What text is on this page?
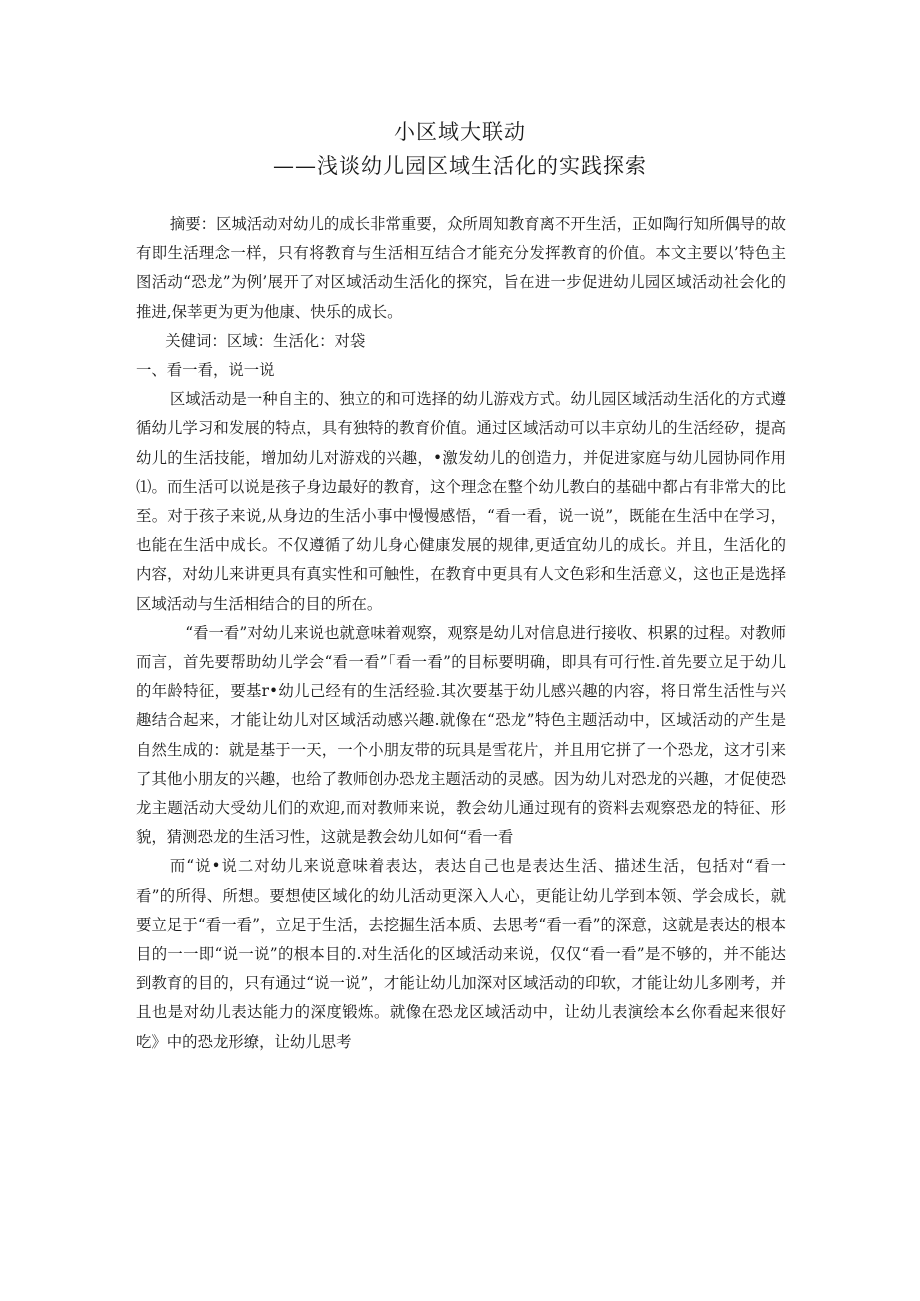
小区域大联动
——浅谈幼儿园区域生活化的实践探索

摘要：区城活动对幼儿的成长非常重要，众所周知教育离不开生活，正如陶行知所偶导的故有即生活理念一样，只有将教育与生活相互结合才能充分发挥教育的价值。本文主要以’特色主图活动“恐龙”为例’展开了对区域活动生活化的探究，旨在进一步促进幼儿园区域活动社会化的推进,保莘更为更为他康、快乐的成长。

关健词：区域：生活化：对袋

一、看一看，说一说

区域活动是一种自主的、独立的和可选择的幼儿游戏方式。幼儿园区域活动生活化的方式遵循幼儿学习和发展的特点，具有独特的教育价值。通过区域活动可以丰京幼儿的生活经矽，提高幼儿的生活技能，增加幼儿对游戏的兴趣，•激发幼儿的创造力，并促进家庭与幼儿园协同作用⑴。而生活可以说是孩子身边最好的教育，这个理念在整个幼儿教白的基础中都占有非常大的比至。对于孩子来说,从身边的生活小事中慢慢感悟，“看一看，说一说”，既能在生活中在学习，也能在生活中成长。不仅遵循了幼儿身心健康发展的规律,更适宜幼儿的成长。并且，生活化的内容，对幼儿来讲更具有真实性和可触性，在教育中更具有人文色彩和生活意义，这也正是选择区域活动与生活相结合的目的所在。

“看一看”对幼儿来说也就意味着观察，观察是幼儿对信息进行接收、枳累的过程。对教师而言，首先要帮助幼儿学会“看一看”「看一看”的目标要明确，即具有可行性.首先要立足于幼儿的年龄特征，要基r•幼儿己经有的生活经验.其次要基于幼儿感兴趣的内容，将日常生活性与兴趣结合起来，才能让幼儿对区域活动感兴趣.就像在“恐龙”特色主题活动中，区域活动的产生是自然生成的：就是基于一天，一个小朋友带的玩具是雪花片，并且用它拼了一个恐龙，这才引来了其他小朋友的兴趣，也给了教师创办恐龙主题活动的灵感。因为幼儿对恐龙的兴趣，才促使恐龙主题活动大受幼儿们的欢迎,而对教师来说，教会幼儿通过现有的资料去观察恐龙的特征、形貌，猜测恐龙的生活习性，这就是教会幼儿如何“看一看

而“说•说二对幼儿来说意味着表达，表达自己也是表达生活、描述生活，包括对“看一看”的所得、所想。要想使区域化的幼儿活动更深入人心，更能让幼儿学到本领、学会成长，就要立足于“看一看”，立足于生活，去挖掘生活本质、去思考“看一看”的深意，这就是表达的根本目的一一即“说一说”的根本目的.对生活化的区域活动来说，仅仅“看一看”是不够的，并不能达到教育的目的，只有通过“说一说”，才能让幼儿加深对区域活动的印软，才能让幼儿多刚考，并且也是对幼儿表达能力的深度锻炼。就像在恐龙区域活动中，让幼儿表演绘本幺你看起来很好吃》中的恐龙形缭，让幼儿思考
